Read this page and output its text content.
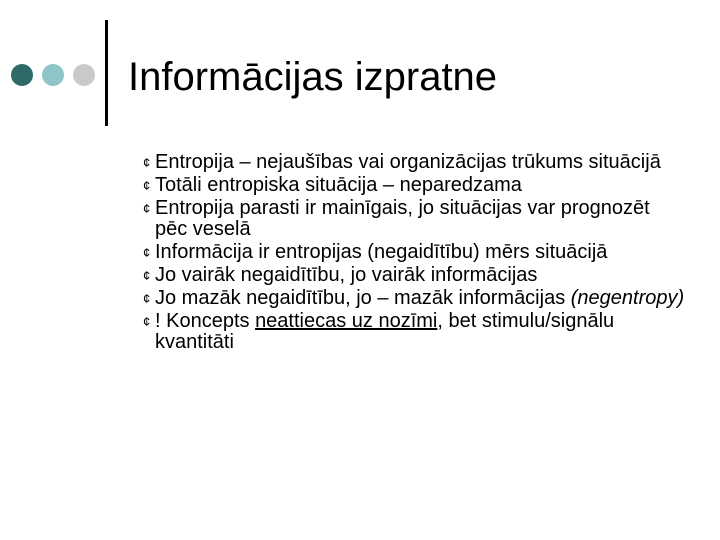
Informācijas izpratne
¢ Entropija – nejaušības vai organizācijas trūkums situācijā
¢ Totāli entropiska situācija – neparedzama
¢ Entropija parasti ir mainīgais, jo situācijas var prognozēt pēc veselā
¢ Informācija ir entropijas (negaidītību) mērs situācijā
¢ Jo vairāk negaidītību, jo vairāk informācijas
¢ Jo mazāk negaidītību, jo – mazāk informācijas (negentropy)
¢ ! Koncepts neattiecas uz nozīmi, bet stimulu/signālu kvantitāti
